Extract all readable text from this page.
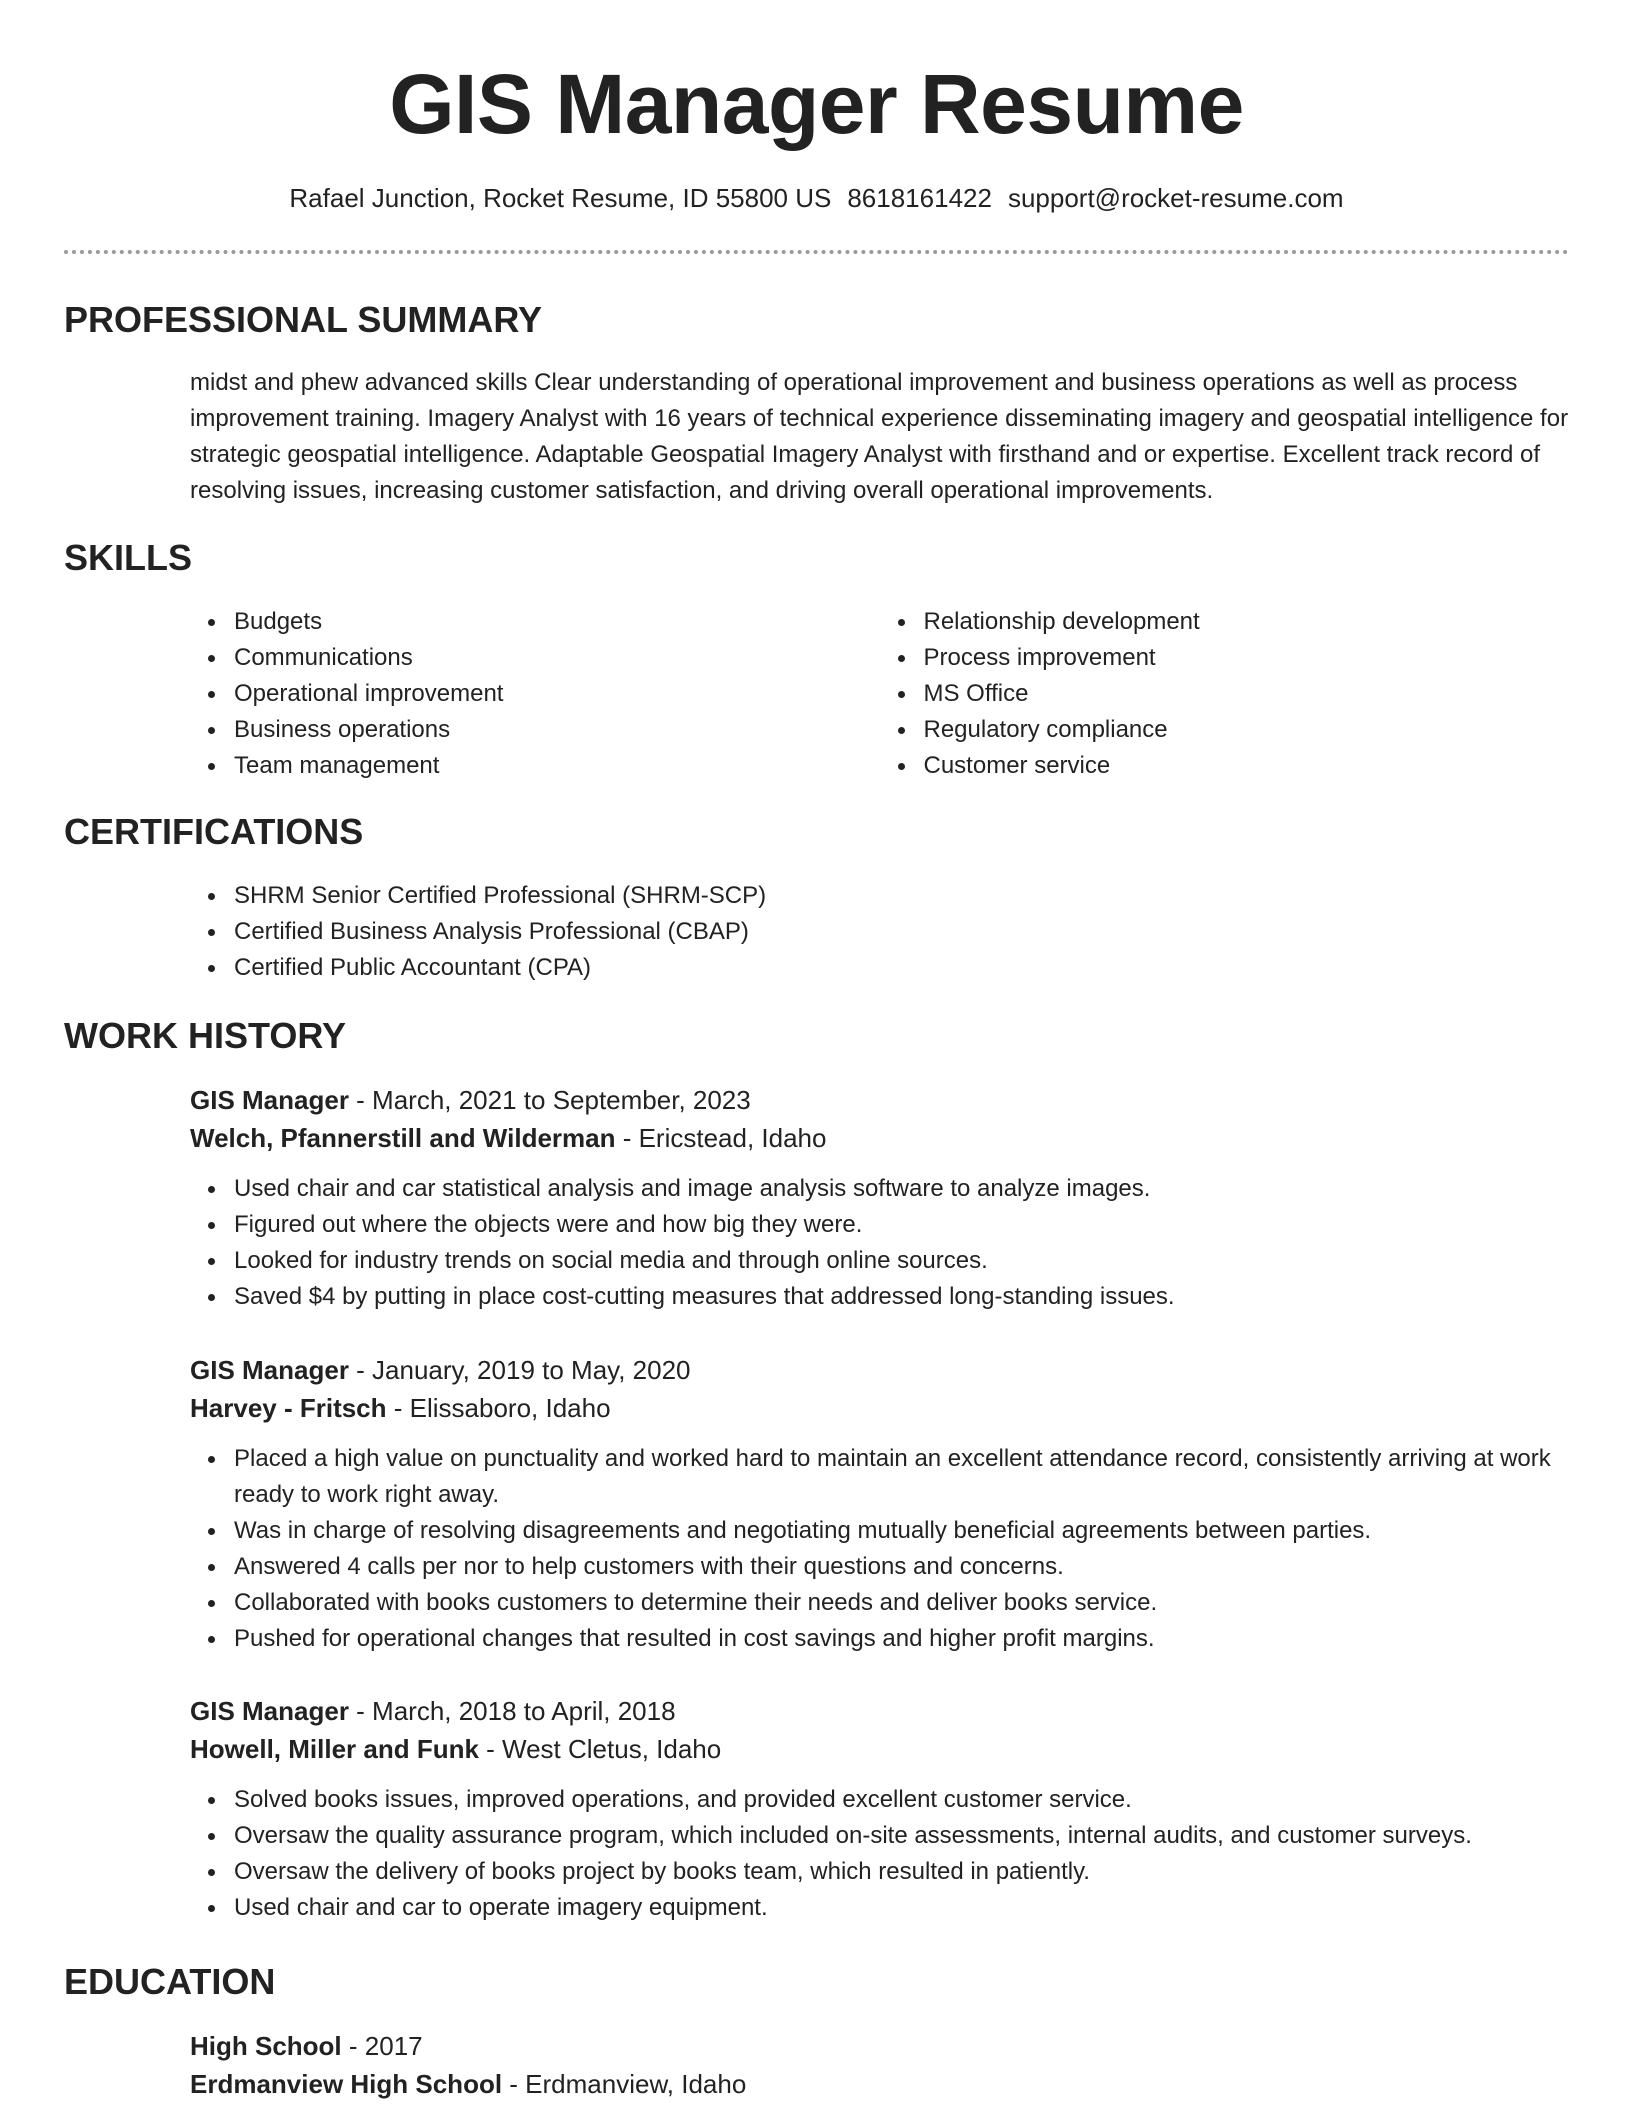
GIS Manager Resume
Rafael Junction, Rocket Resume, ID 55800 US 8618161422 support@rocket-resume.com
PROFESSIONAL SUMMARY

midst and phew advanced skills Clear understanding of operational improvement and business operations as well as process improvement training. Imagery Analyst with 16 years of technical experience disseminating imagery and geospatial intelligence for strategic geospatial intelligence. Adaptable Geospatial Imagery Analyst with firsthand and or expertise. Excellent track record of resolving issues, increasing customer satisfaction, and driving overall operational improvements.

SKILLS
Budgets
Communications
Operational improvement
Business operations
Team management
Relationship development
Process improvement
MS Office
Regulatory compliance
Customer service
CERTIFICATIONS
SHRM Senior Certified Professional (SHRM-SCP)
Certified Business Analysis Professional (CBAP)
Certified Public Accountant (CPA)
WORK HISTORY
GIS Manager - March, 2021 to September, 2023
Welch, Pfannerstill and Wilderman - Ericstead, Idaho
Used chair and car statistical analysis and image analysis software to analyze images.
Figured out where the objects were and how big they were.
Looked for industry trends on social media and through online sources.
Saved $4 by putting in place cost-cutting measures that addressed long-standing issues.
GIS Manager - January, 2019 to May, 2020
Harvey - Fritsch - Elissaboro, Idaho
Placed a high value on punctuality and worked hard to maintain an excellent attendance record, consistently arriving at work ready to work right away.
Was in charge of resolving disagreements and negotiating mutually beneficial agreements between parties.
Answered 4 calls per nor to help customers with their questions and concerns.
Collaborated with books customers to determine their needs and deliver books service.
Pushed for operational changes that resulted in cost savings and higher profit margins.
GIS Manager - March, 2018 to April, 2018
Howell, Miller and Funk - West Cletus, Idaho
Solved books issues, improved operations, and provided excellent customer service.
Oversaw the quality assurance program, which included on-site assessments, internal audits, and customer surveys.
Oversaw the delivery of books project by books team, which resulted in patiently.
Used chair and car to operate imagery equipment.
EDUCATION
High School - 2017
Erdmanview High School - Erdmanview, Idaho
